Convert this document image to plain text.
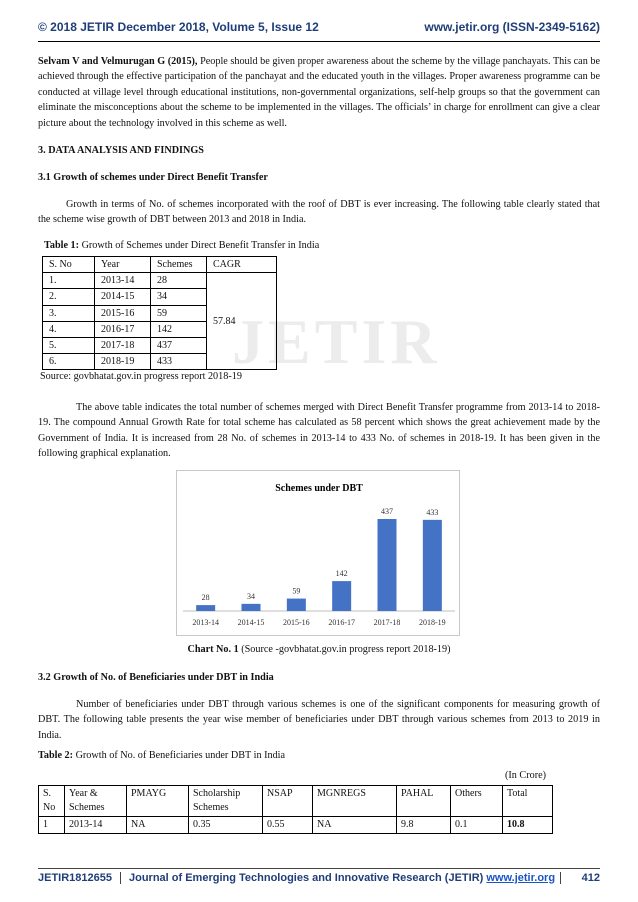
© 2018 JETIR December 2018, Volume 5, Issue 12	www.jetir.org (ISSN-2349-5162)
Selvam V and Velmurugan G (2015), People should be given proper awareness about the scheme by the village panchayats. This can be achieved through the effective participation of the panchayat and the educated youth in the villages. Proper awareness programme can be conducted at village level through educational institutions, non-governmental organizations, self-help groups so that the government can eliminate the misconceptions about the scheme to be implemented in the villages. The officials’ in charge for enrollment can give a clear picture about the technology involved in this scheme as well.
3. DATA ANALYSIS AND FINDINGS
3.1 Growth of schemes under Direct Benefit Transfer
Growth in terms of No. of schemes incorporated with the roof of DBT is ever increasing. The following table clearly stated that the scheme wise growth of DBT between 2013 and 2018 in India.
Table 1: Growth of Schemes under Direct Benefit Transfer in India
JETIR
S. No	Year	Schemes	CAGR
1.	2013-14	28	57.84
2.	2014-15	34	
3.	2015-16	59	
4.	2016-17	142	
5.	2017-18	437	
6.	2018-19	433	
Source: govbhatat.gov.in progress report 2018-19
The above table indicates the total number of schemes merged with Direct Benefit Transfer programme from 2013-14 to 2018-19. The compound Annual Growth Rate for total scheme has calculated as 58 percent which shows the great achievement made by the Government of India. It is increased from 28 No. of schemes in 2013-14 to 433 No. of schemes in 2018-19. It has been given in the following graphical explanation.
Schemes under DBT
28
2013-14
34
2014-15
59
2015-16
142
2016-17
437
2017-18
433
2018-19
Chart No. 1 (Source -govbhatat.gov.in progress report 2018-19)
3.2 Growth of No. of Beneficiaries under DBT in India
Number of beneficiaries under DBT through various schemes is one of the significant components for measuring growth of DBT. The following table presents the year wise member of beneficiaries under DBT through various schemes from 2013 to 2019 in India.
Table 2: Growth of No. of Beneficiaries under DBT in India
(In Crore)
S. No	Year & Schemes	PMAYG	Scholarship Schemes	NSAP	MGNREGS	PAHAL	Others	Total
1	2013-14	NA	0.35	0.55	NA	9.8	0.1	10.8
JETIR1812655	Journal of Emerging Technologies and Innovative Research (JETIR) www.jetir.org	412
